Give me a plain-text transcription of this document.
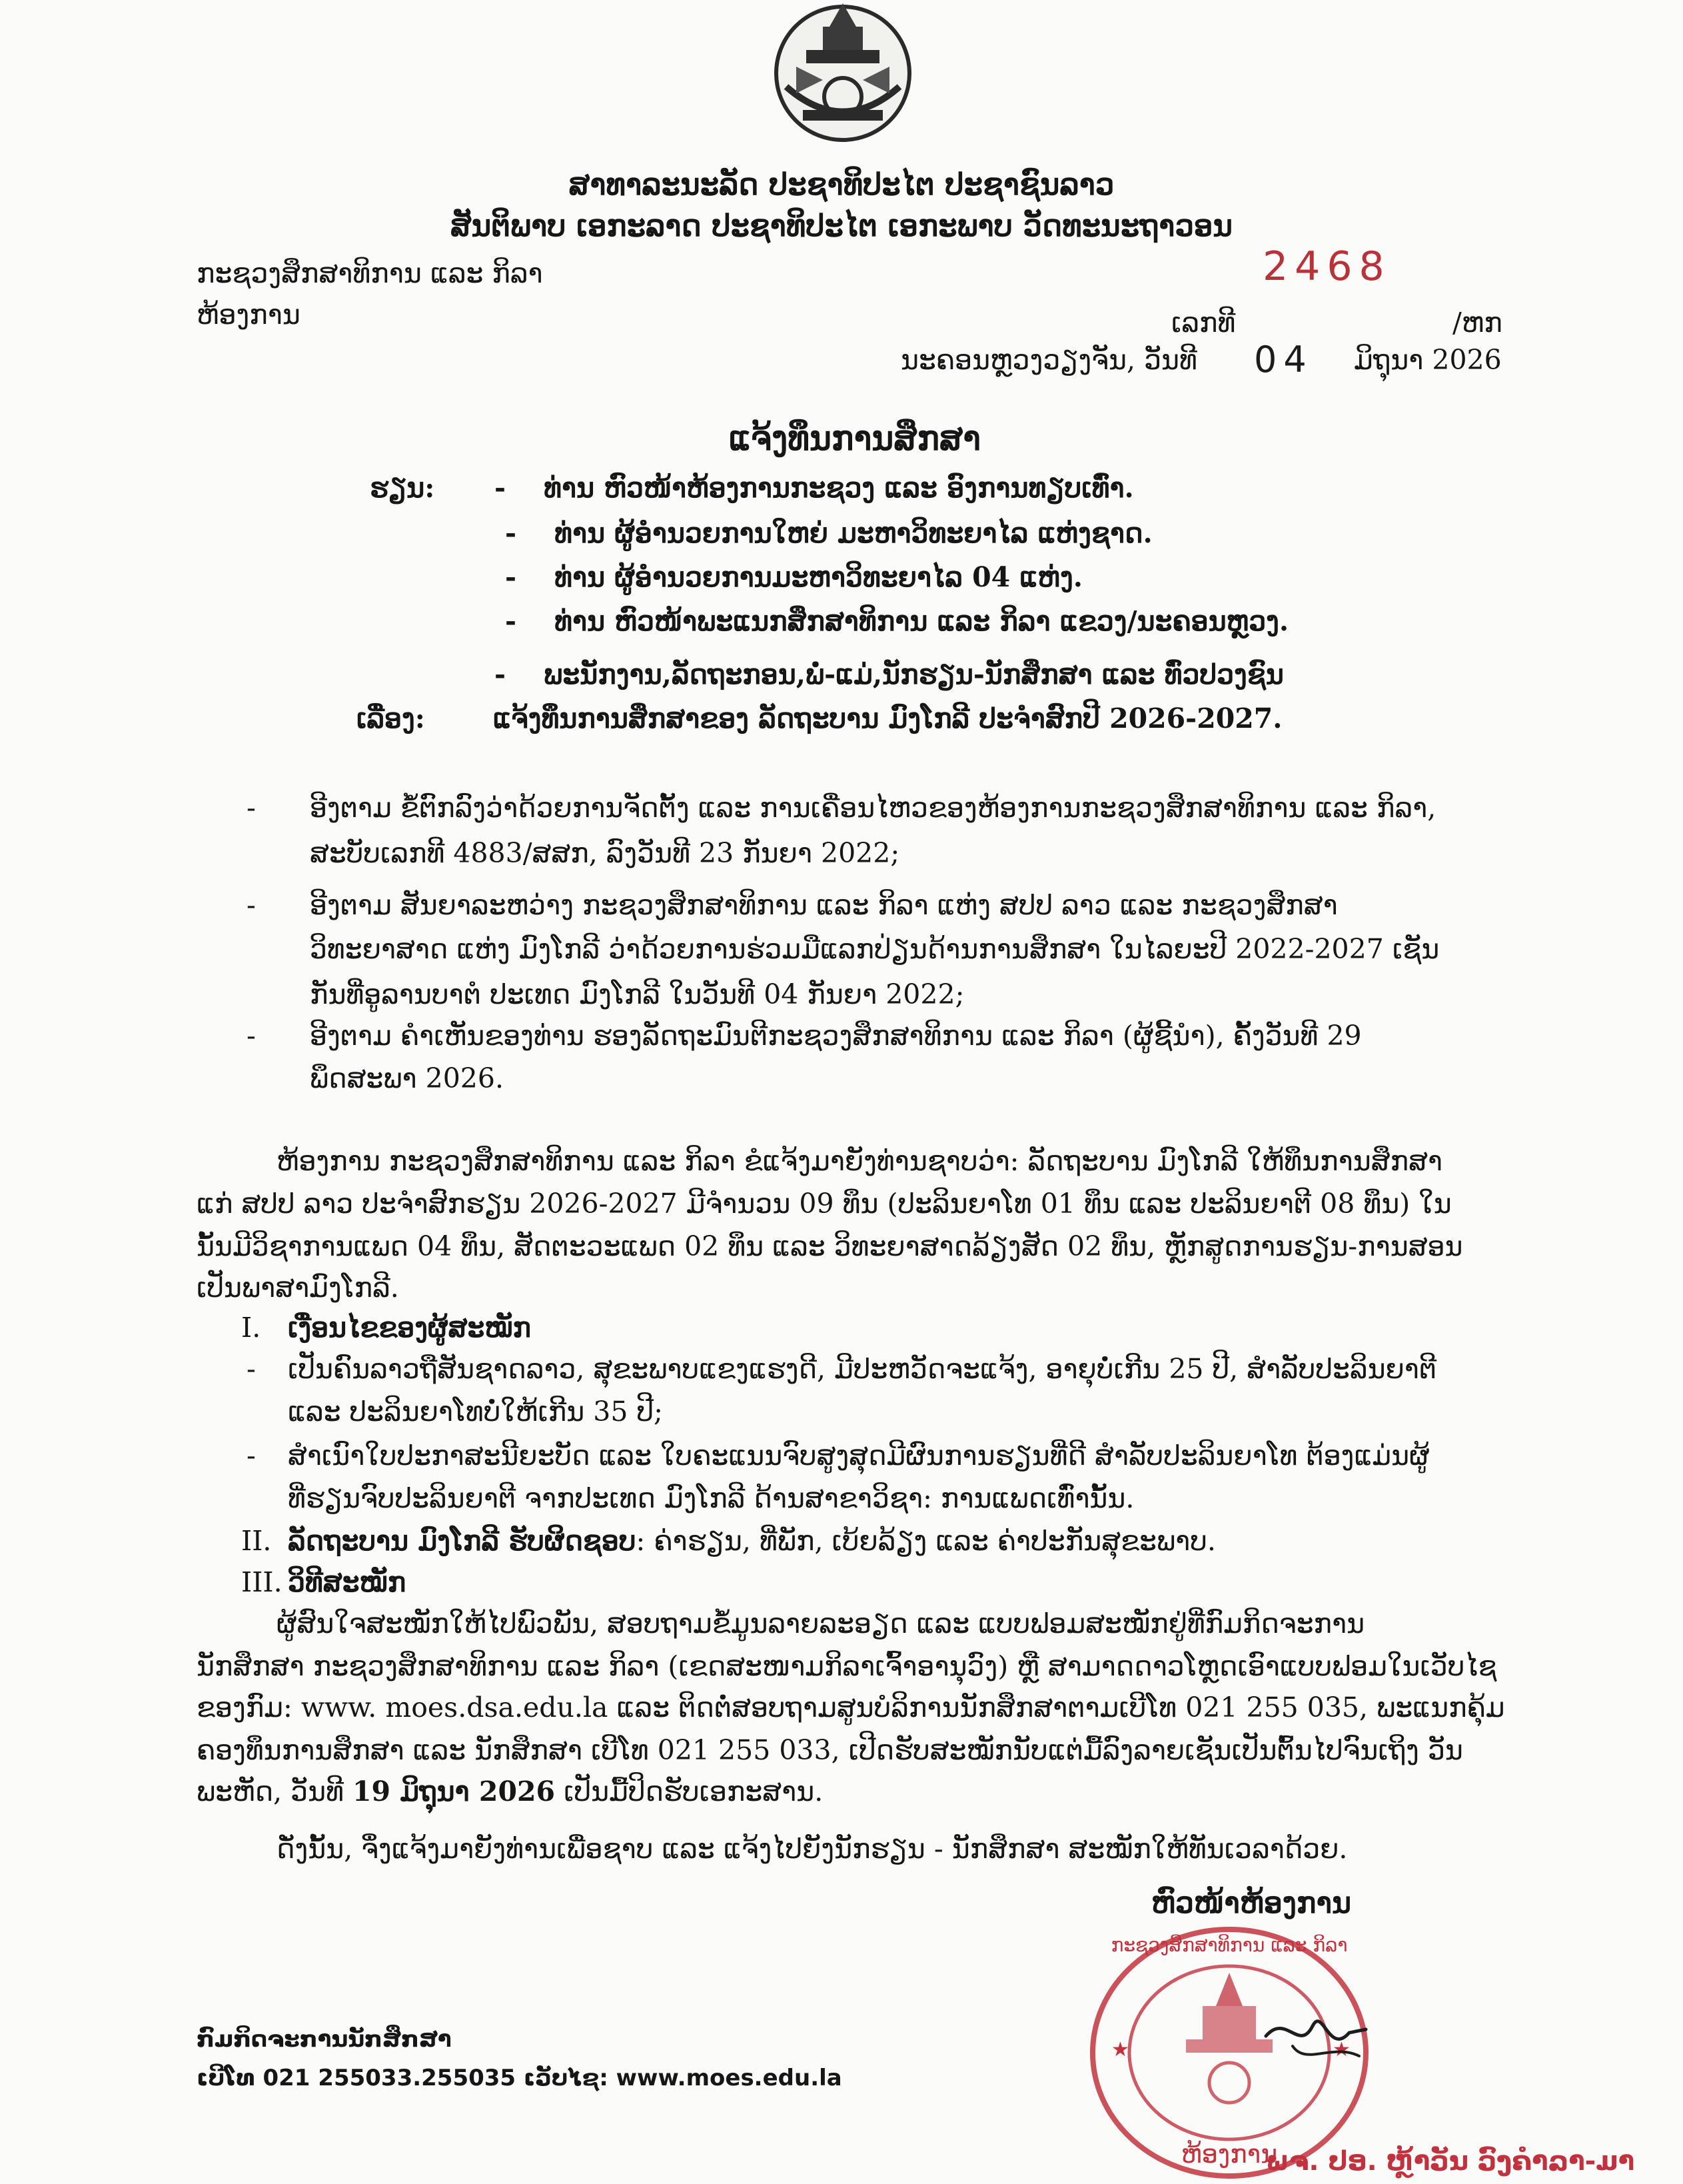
ສາທາລະນະລັດ ປະຊາທິປະໄຕ ປະຊາຊົນລາວ
ສັນຕິພາບ ເອກະລາດ ປະຊາທິປະໄຕ ເອກະພາບ ວັດທະນະຖາວອນ
ກະຊວງສຶກສາທິການ ແລະ ກິລາ
ຫ້ອງການ
2468
ເລກທີ	/ຫກ
ນະຄອນຫຼວງວຽງຈັນ, ວັນທີ 04 ມິຖຸນາ 2026
ແຈ້ງທຶນການສຶກສາ
ຮຽນ: -    ທ່ານ ຫົວໜ້າຫ້ອງການກະຊວງ ແລະ ອົງການທຽບເທົ່າ.
-    ທ່ານ ຜູ້ອຳນວຍການໃຫຍ່ ມະຫາວິທະຍາໄລ ແຫ່ງຊາດ.
-    ທ່ານ ຜູ້ອຳນວຍການມະຫາວິທະຍາໄລ 04 ແຫ່ງ.
-    ທ່ານ ຫົວໜ້າພະແນກສຶກສາທິການ ແລະ ກິລາ ແຂວງ/ນະຄອນຫຼວງ.
-    ພະນັກງານ,ລັດຖະກອນ,ພໍ່-ແມ່,ນັກຮຽນ-ນັກສຶກສາ ແລະ ທົ່ວປວງຊົນ
ເລື່ອງ: ແຈ້ງທຶນການສຶກສາຂອງ ລັດຖະບານ ມົງໂກລີ ປະຈຳສົກປີ 2026-2027.
- ອີງຕາມ ຂໍ້ຕົກລົງວ່າດ້ວຍການຈັດຕັ້ງ ແລະ ການເຄື່ອນໄຫວຂອງຫ້ອງການກະຊວງສຶກສາທິການ ແລະ ກິລາ,
ສະບັບເລກທີ 4883/ສສກ, ລົງວັນທີ 23 ກັນຍາ 2022;
- ອີງຕາມ ສັນຍາລະຫວ່າງ ກະຊວງສຶກສາທິການ ແລະ ກິລາ ແຫ່ງ ສປປ ລາວ ແລະ ກະຊວງສຶກສາ
ວິທະຍາສາດ ແຫ່ງ ມົງໂກລີ ວ່າດ້ວຍການຮ່ວມມືແລກປ່ຽນດ້ານການສຶກສາ ໃນໄລຍະປີ 2022-2027 ເຊັນ
ກັນທີ່ອູລານບາຕໍ ປະເທດ ມົງໂກລີ ໃນວັນທີ 04 ກັນຍາ 2022;
- ອີງຕາມ ຄຳເຫັນຂອງທ່ານ ຮອງລັດຖະມົນຕີກະຊວງສຶກສາທິການ ແລະ ກິລາ (ຜູ້ຊີ້ນຳ), ຄັ້ງວັນທີ 29
ພຶດສະພາ 2026.
ຫ້ອງການ ກະຊວງສຶກສາທິການ ແລະ ກິລາ ຂໍແຈ້ງມາຍັງທ່ານຊາບວ່າ: ລັດຖະບານ ມົງໂກລີ ໃຫ້ທຶນການສຶກສາ
ແກ່ ສປປ ລາວ ປະຈຳສົກຮຽນ 2026-2027 ມີຈຳນວນ 09 ທຶນ (ປະລິນຍາໂທ 01 ທຶນ ແລະ ປະລິນຍາຕີ 08 ທຶນ) ໃນ
ນັ້ນມີວິຊາການແພດ 04 ທຶນ, ສັດຕະວະແພດ 02 ທຶນ ແລະ ວິທະຍາສາດລ້ຽງສັດ 02 ທຶນ, ຫຼັກສູດການຮຽນ-ການສອນ
ເປັນພາສາມົງໂກລີ.
I. ເງື່ອນໄຂຂອງຜູ້ສະໝັກ
- ເປັນຄົນລາວຖືສັນຊາດລາວ, ສຸຂະພາບແຂງແຮງດີ, ມີປະຫວັດຈະແຈ້ງ, ອາຍຸບໍ່ເກີນ 25 ປີ, ສຳລັບປະລິນຍາຕີ
ແລະ ປະລິນຍາໂທບໍ່ໃຫ້ເກີນ 35 ປີ;
- ສຳເນົາໃບປະກາສະນີຍະບັດ ແລະ ໃບຄະແນນຈົບສູງສຸດມີຜົນການຮຽນທີ່ດີ ສຳລັບປະລິນຍາໂທ ຕ້ອງແມ່ນຜູ້
ທີ່ຮຽນຈົບປະລິນຍາຕີ ຈາກປະເທດ ມົງໂກລີ ດ້ານສາຂາວິຊາ: ການແພດເທົ່ານັ້ນ.
II. ລັດຖະບານ ມົງໂກລີ ຮັບຜິດຊອບ: ຄ່າຮຽນ, ທີ່ພັກ, ເບ້ຍລ້ຽງ ແລະ ຄ່າປະກັນສຸຂະພາບ.
III. ວິທີສະໝັກ
ຜູ້ສົນໃຈສະໝັກໃຫ້ໄປພົວພັນ, ສອບຖາມຂໍ້ມູນລາຍລະອຽດ ແລະ ແບບຟອມສະໝັກຢູ່ທີ່ກົມກິດຈະການ
ນັກສຶກສາ ກະຊວງສຶກສາທິການ ແລະ ກິລາ (ເຂດສະໜາມກິລາເຈົ້າອານຸວົງ) ຫຼື ສາມາດດາວໂຫຼດເອົາແບບຟອມໃນເວັບໄຊ
ຂອງກົມ: www. moes.dsa.edu.la ແລະ ຕິດຕໍ່ສອບຖາມສູນບໍລິການນັກສຶກສາຕາມເບີໂທ 021 255 035, ພະແນກຄຸ້ມ
ຄອງທຶນການສຶກສາ ແລະ ນັກສຶກສາ ເບີໂທ 021 255 033, ເປີດຮັບສະໝັກນັບແຕ່ມື້ລົງລາຍເຊັນເປັນຕົ້ນໄປຈົນເຖິງ ວັນ
ພະຫັດ, ວັນທີ 19 ມິຖຸນາ 2026 ເປັນມື້ປິດຮັບເອກະສານ.
ດັ່ງນັ້ນ, ຈຶ່ງແຈ້ງມາຍັງທ່ານເພື່ອຊາບ ແລະ ແຈ້ງໄປຍັງນັກຮຽນ - ນັກສຶກສາ ສະໝັກໃຫ້ທັນເວລາດ້ວຍ.
ຫົວໜ້າຫ້ອງການ
★	★
ຫ້ອງການ
ກະຊວງສຶກສາທິການ ແລະ ກິລາ
ພຈ. ປອ. ຫຼ້າວັນ ວົງຄຳລາ-ມາ
ກົມກິດຈະການນັກສຶກສາ
ເບີໂທ 021 255033.255035 ເວັບໄຊ: www.moes.edu.la
